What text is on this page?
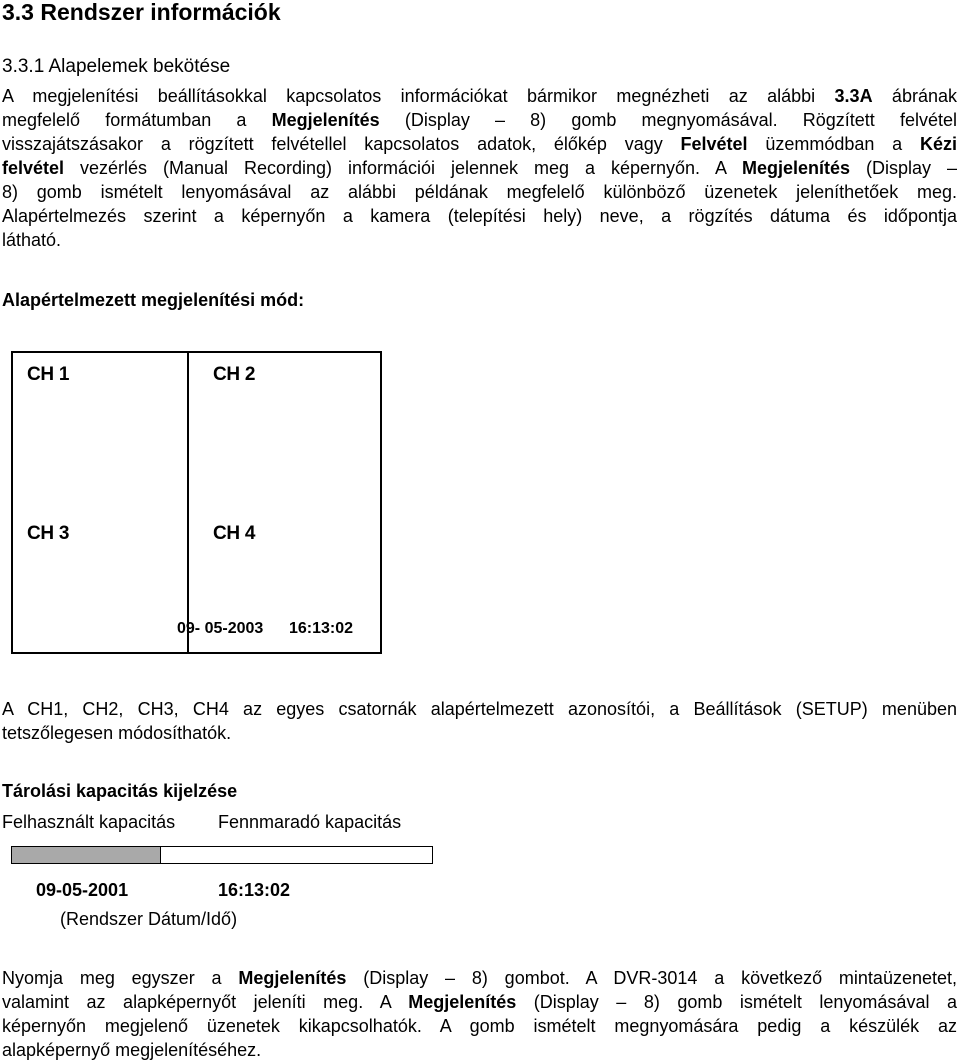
3.3 Rendszer információk
3.3.1 Alapelemek bekötése
A megjelenítési beállításokkal kapcsolatos információkat bármikor megnézheti az alábbi 3.3A ábrának
megfelelő formátumban a Megjelenítés (Display – 8) gomb megnyomásával. Rögzített felvétel
visszajátszásakor a rögzített felvétellel kapcsolatos adatok, élőkép vagy Felvétel üzemmódban a Kézi
felvétel vezérlés (Manual Recording) információi jelennek meg a képernyőn. A Megjelenítés (Display –
8) gomb ismételt lenyomásával az alábbi példának megfelelő különböző üzenetek jeleníthetőek meg.
Alapértelmezés szerint a képernyőn a kamera (telepítési hely) neve, a rögzítés dátuma és időpontja
látható.
Alapértelmezett megjelenítési mód:
CH 1	CH 2
CH 3	CH 4
09- 05-2003 16:13:02
A CH1, CH2, CH3, CH4 az egyes csatornák alapértelmezett azonosítói, a Beállítások (SETUP) menüben
tetszőlegesen módosíthatók.
Tárolási kapacitás kijelzése
Felhasznált kapacitás Fennmaradó kapacitás
09-05-2001	16:13:02
(Rendszer Dátum/Idő)
Nyomja meg egyszer a Megjelenítés (Display – 8) gombot. A DVR-3014 a következő mintaüzenetet,
valamint az alapképernyőt jeleníti meg. A Megjelenítés (Display – 8) gomb ismételt lenyomásával a
képernyőn megjelenő üzenetek kikapcsolhatók. A gomb ismételt megnyomására pedig a készülék az
alapképernyő megjelenítéséhez.
